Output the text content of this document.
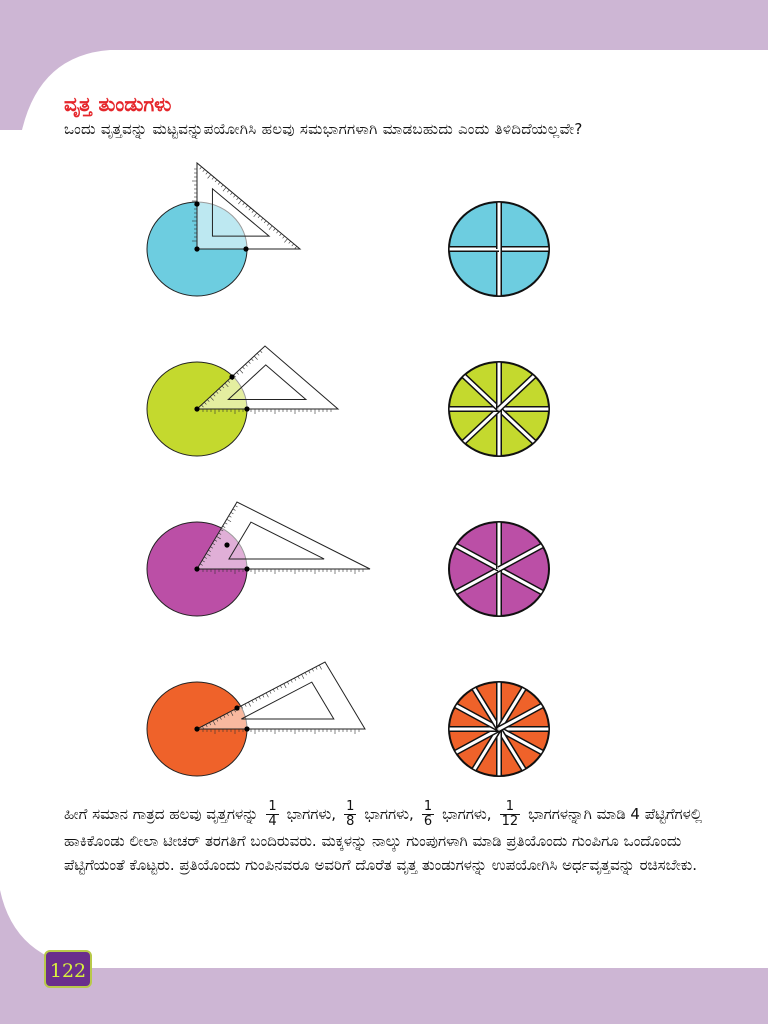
ವೃತ್ತ ತುಂಡುಗಳು

ಒಂದು ವೃತ್ತವನ್ನು ಮಟ್ಟವನ್ನುಪಯೋಗಿಸಿ ಹಲವು ಸಮಭಾಗಗಳಾಗಿ ಮಾಡಬಹುದು ಎಂದು ತಿಳಿದಿದೆಯಲ್ಲವೇ?

ಹೀಗೆ ಸಮಾನ ಗಾತ್ರದ ಹಲವು ವೃತ್ತಗಳನ್ನು $\frac{1}{4}$ ಭಾಗಗಳು, $\frac{1}{8}$ ಭಾಗಗಳು, $\frac{1}{6}$ ಭಾಗಗಳು, $\frac{1}{12}$ ಭಾಗಗಳನ್ನಾಗಿ ಮಾಡಿ 4 ಪೆಟ್ಟಿಗೆಗಳಲ್ಲಿ ಹಾಕಿಕೊಂಡು ಲೀಲಾ ಟೀಚರ್ ತರಗತಿಗೆ ಬಂದಿರುವರು. ಮಕ್ಕಳನ್ನು ನಾಲ್ಕು ಗುಂಪುಗಳಾಗಿ ಮಾಡಿ ಪ್ರತಿಯೊಂದು ಗುಂಪಿಗೂ ಒಂದೊಂದು ಪೆಟ್ಟಿಗೆಯಂತೆ ಕೊಟ್ಟರು. ಪ್ರತಿಯೊಂದು ಗುಂಪಿನವರೂ ಅವರಿಗೆ ದೊರೆತ ವೃತ್ತ ತುಂಡುಗಳನ್ನು ಉಪಯೋಗಿಸಿ ಅರ್ಧವೃತ್ತವನ್ನು ರಚಿಸಬೇಕು.

122
